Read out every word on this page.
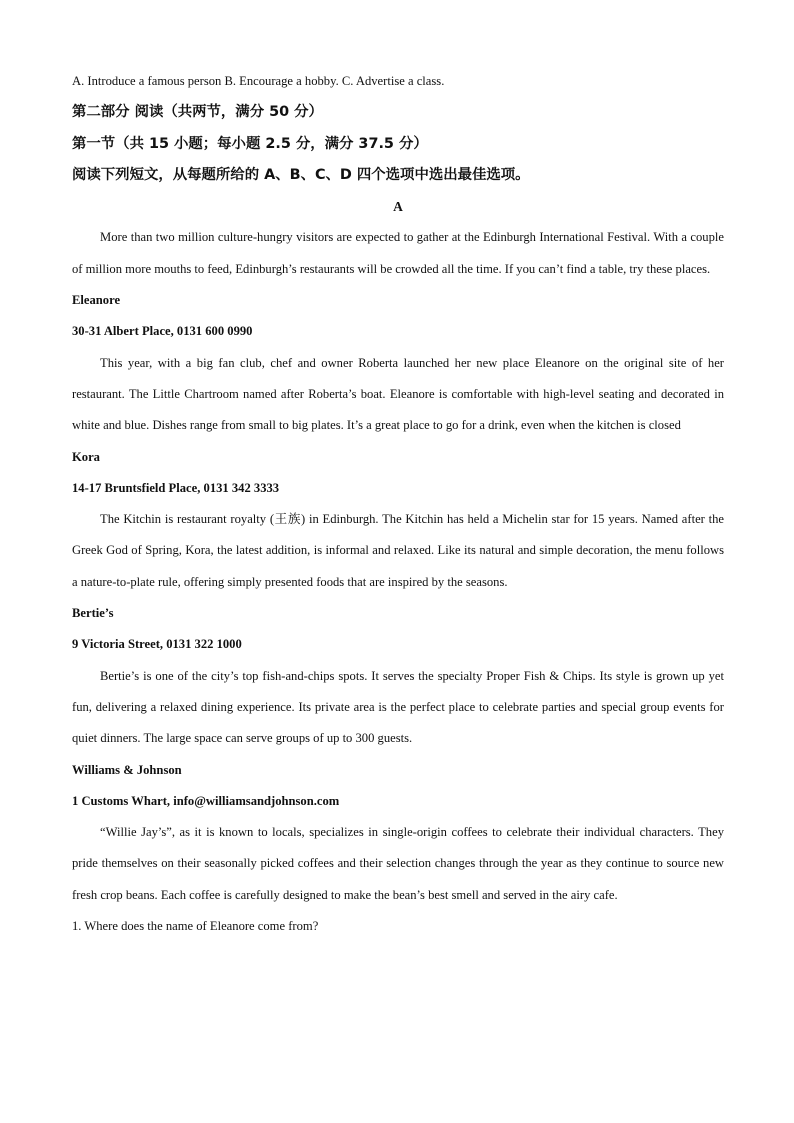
A. Introduce a famous person B. Encourage a hobby. C. Advertise a class.

第二部分 阅读（共两节，满分 50 分）

第一节（共 15 小题；每小题 2.5 分，满分 37.5 分）

阅读下列短文，从每题所给的 A、B、C、D 四个选项中选出最佳选项。

A

More than two million culture-hungry visitors are expected to gather at the Edinburgh International Festival. With a couple of million more mouths to feed, Edinburgh’s restaurants will be crowded all the time. If you can’t find a table, try these places.

Eleanore

30-31 Albert Place, 0131 600 0990

This year, with a big fan club, chef and owner Roberta launched her new place Eleanore on the original site of her restaurant. The Little Chartroom named after Roberta’s boat. Eleanore is comfortable with high-level seating and decorated in white and blue. Dishes range from small to big plates. It’s a great place to go for a drink, even when the kitchen is closed

Kora

14-17 Bruntsfield Place, 0131 342 3333

The Kitchin is restaurant royalty (王族) in Edinburgh. The Kitchin has held a Michelin star for 15 years. Named after the Greek God of Spring, Kora, the latest addition, is informal and relaxed. Like its natural and simple decoration, the menu follows a nature-to-plate rule, offering simply presented foods that are inspired by the seasons.

Bertie’s

9 Victoria Street, 0131 322 1000

Bertie’s is one of the city’s top fish-and-chips spots. It serves the specialty Proper Fish & Chips. Its style is grown up yet fun, delivering a relaxed dining experience. Its private area is the perfect place to celebrate parties and special group events for quiet dinners. The large space can serve groups of up to 300 guests.

Williams & Johnson

1 Customs Whart, info@williamsandjohnson.com

“Willie Jay’s”, as it is known to locals, specializes in single-origin coffees to celebrate their individual characters. They pride themselves on their seasonally picked coffees and their selection changes through the year as they continue to source new fresh crop beans. Each coffee is carefully designed to make the bean’s best smell and served in the airy cafe.

1. Where does the name of Eleanore come from?
